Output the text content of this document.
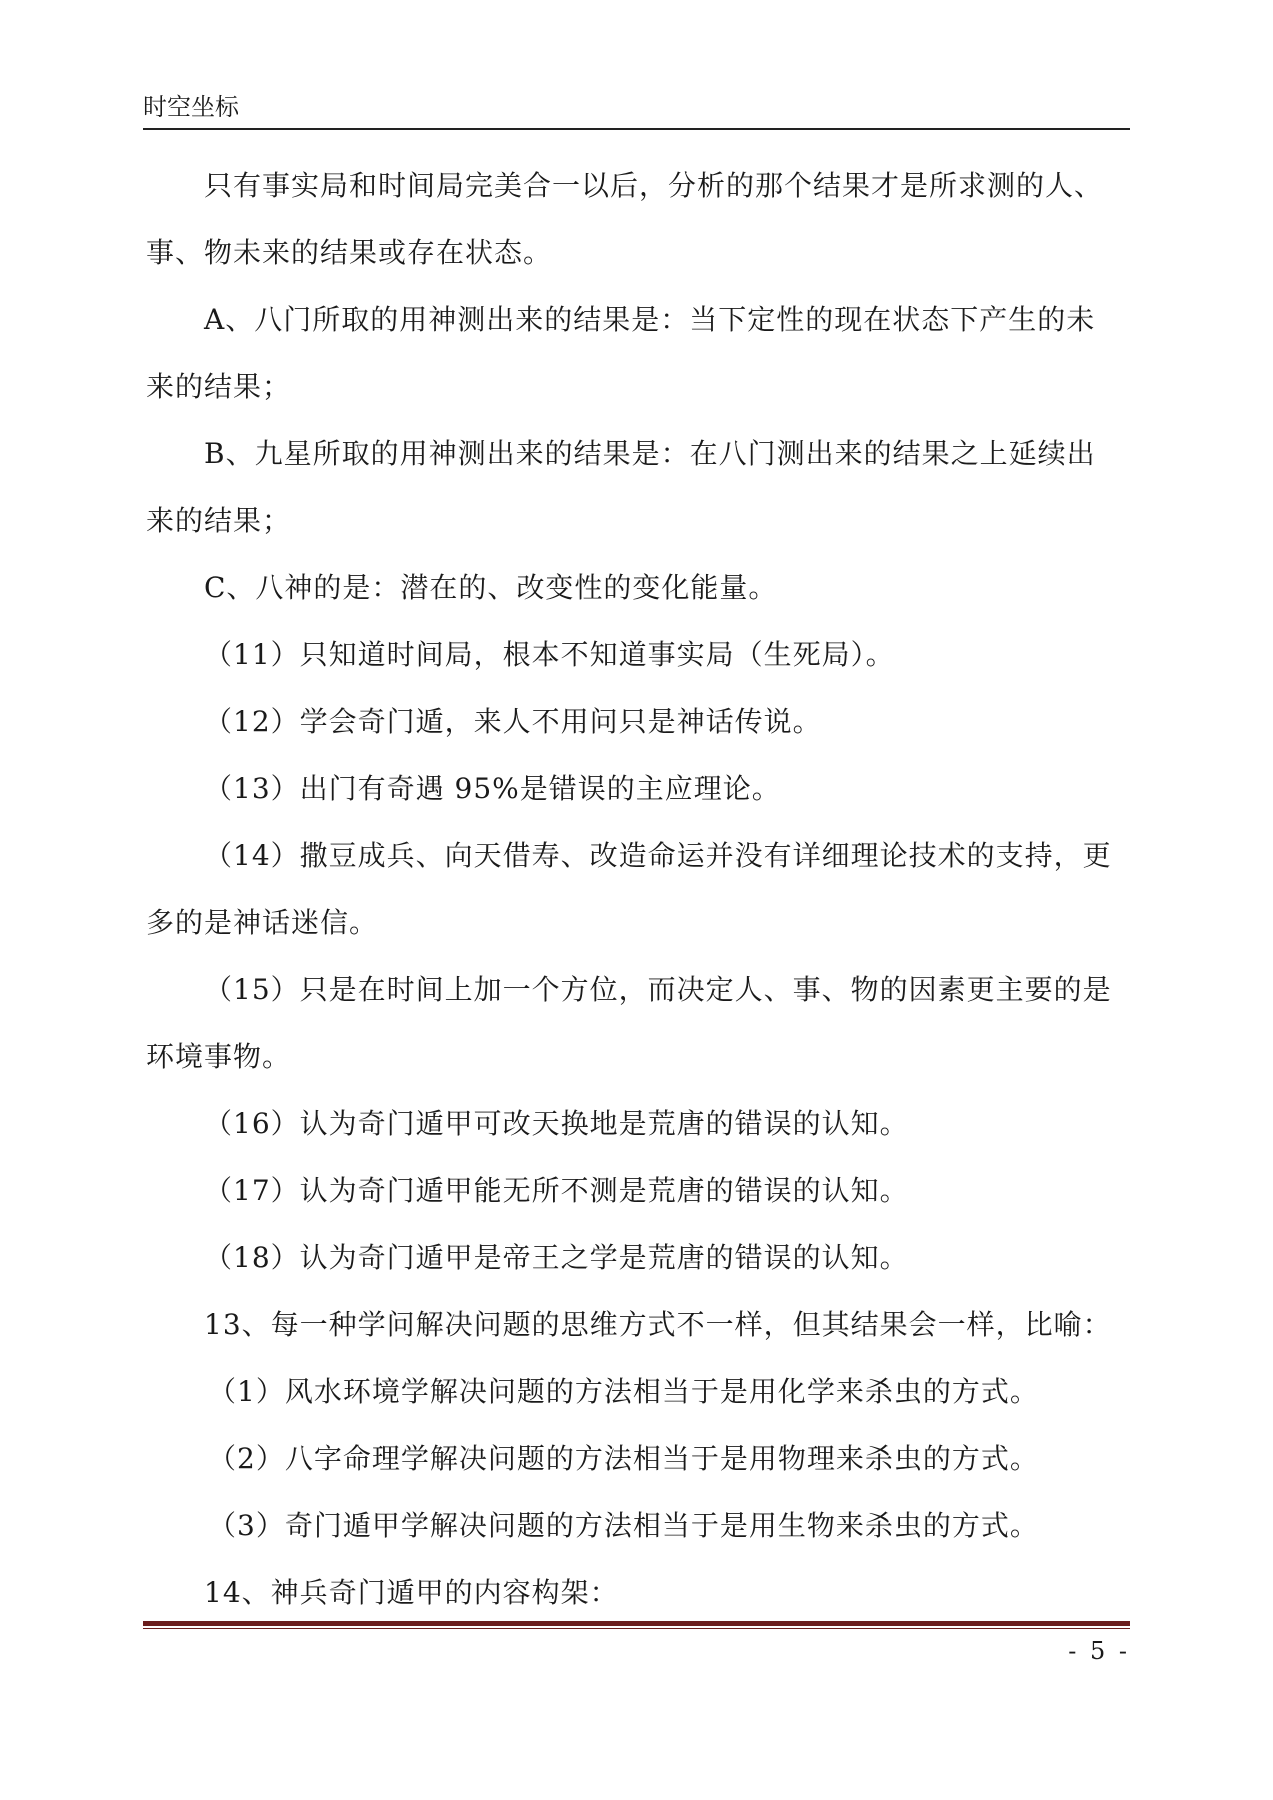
时空坐标

只有事实局和时间局完美合一以后，分析的那个结果才是所求测的人、

事、物未来的结果或存在状态。

A、八门所取的用神测出来的结果是：当下定性的现在状态下产生的未

来的结果；

B、九星所取的用神测出来的结果是：在八门测出来的结果之上延续出

来的结果；

C、八神的是：潜在的、改变性的变化能量。

（11）只知道时间局，根本不知道事实局（生死局）。

（12）学会奇门遁，来人不用问只是神话传说。

（13）出门有奇遇 95%是错误的主应理论。

（14）撒豆成兵、向天借寿、改造命运并没有详细理论技术的支持，更

多的是神话迷信。

（15）只是在时间上加一个方位，而决定人、事、物的因素更主要的是

环境事物。

（16）认为奇门遁甲可改天换地是荒唐的错误的认知。

（17）认为奇门遁甲能无所不测是荒唐的错误的认知。

（18）认为奇门遁甲是帝王之学是荒唐的错误的认知。

13、每一种学问解决问题的思维方式不一样，但其结果会一样，比喻：

（1）风水环境学解决问题的方法相当于是用化学来杀虫的方式。

（2）八字命理学解决问题的方法相当于是用物理来杀虫的方式。

（3）奇门遁甲学解决问题的方法相当于是用生物来杀虫的方式。

14、神兵奇门遁甲的内容构架：

- 5 -
